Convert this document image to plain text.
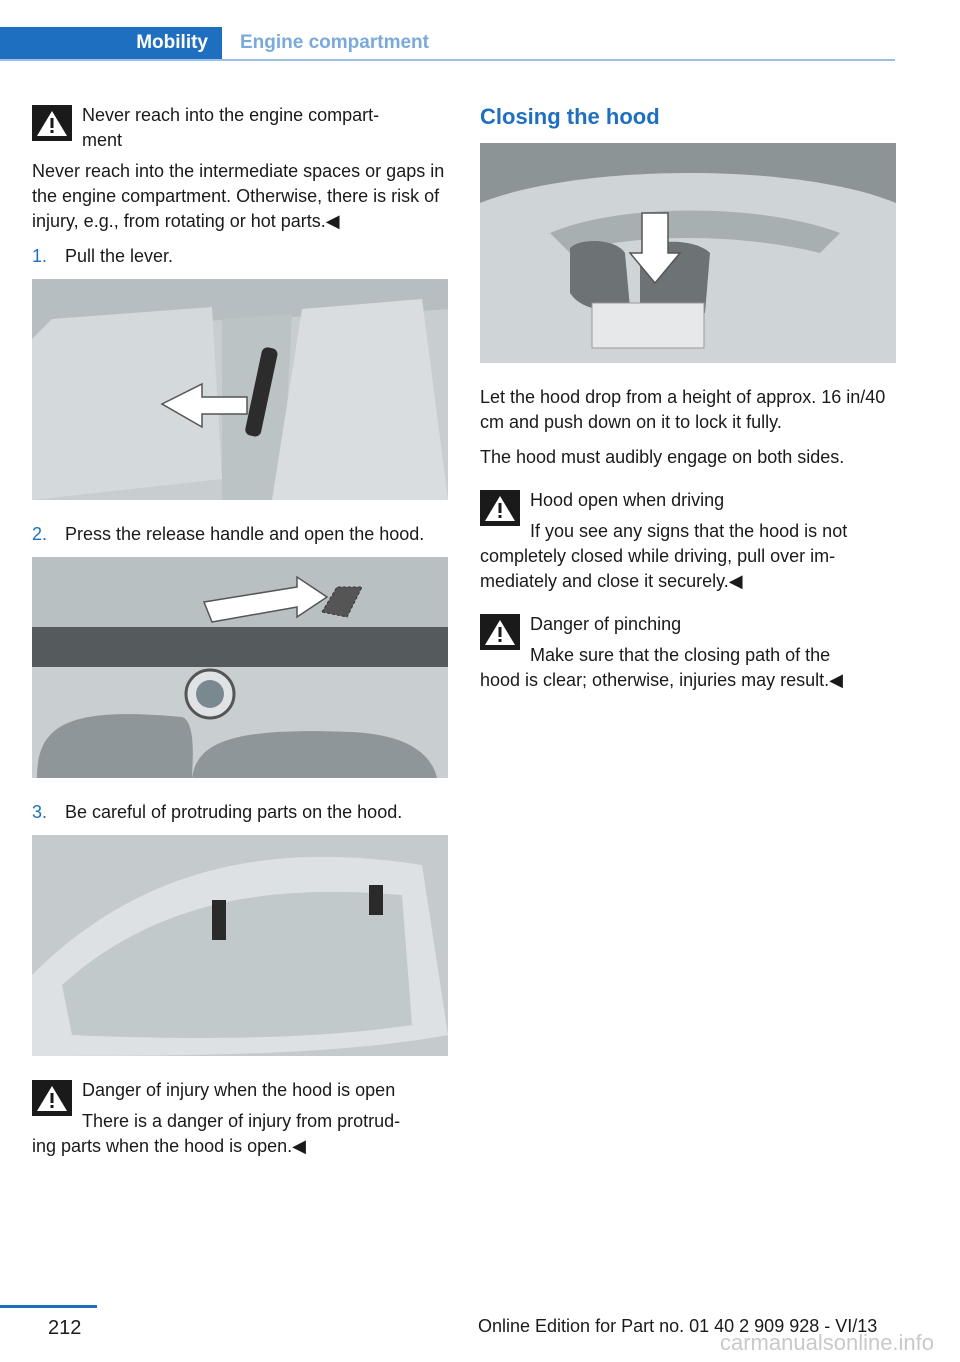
Mobility Engine compartment
Never reach into the engine compart‐
ment
Never reach into the intermediate spaces or gaps in the engine compartment. Otherwise, there is risk of injury, e.g., from rotating or hot parts.◀
1. Pull the lever.
2. Press the release handle and open the hood.
3. Be careful of protruding parts on the hood.
Danger of injury when the hood is open
There is a danger of injury from protrud‐
ing parts when the hood is open.◀
Closing the hood

Let the hood drop from a height of approx. 16 in/40 cm and push down on it to lock it fully.

The hood must audibly engage on both sides.

Hood open when driving
If you see any signs that the hood is not
completely closed while driving, pull over im‐mediately and close it securely.◀
Danger of pinching
Make sure that the closing path of the
hood is clear; otherwise, injuries may result.◀
212	Online Edition for Part no. 01 40 2 909 928 - VI/13
carmanualsonline.info
